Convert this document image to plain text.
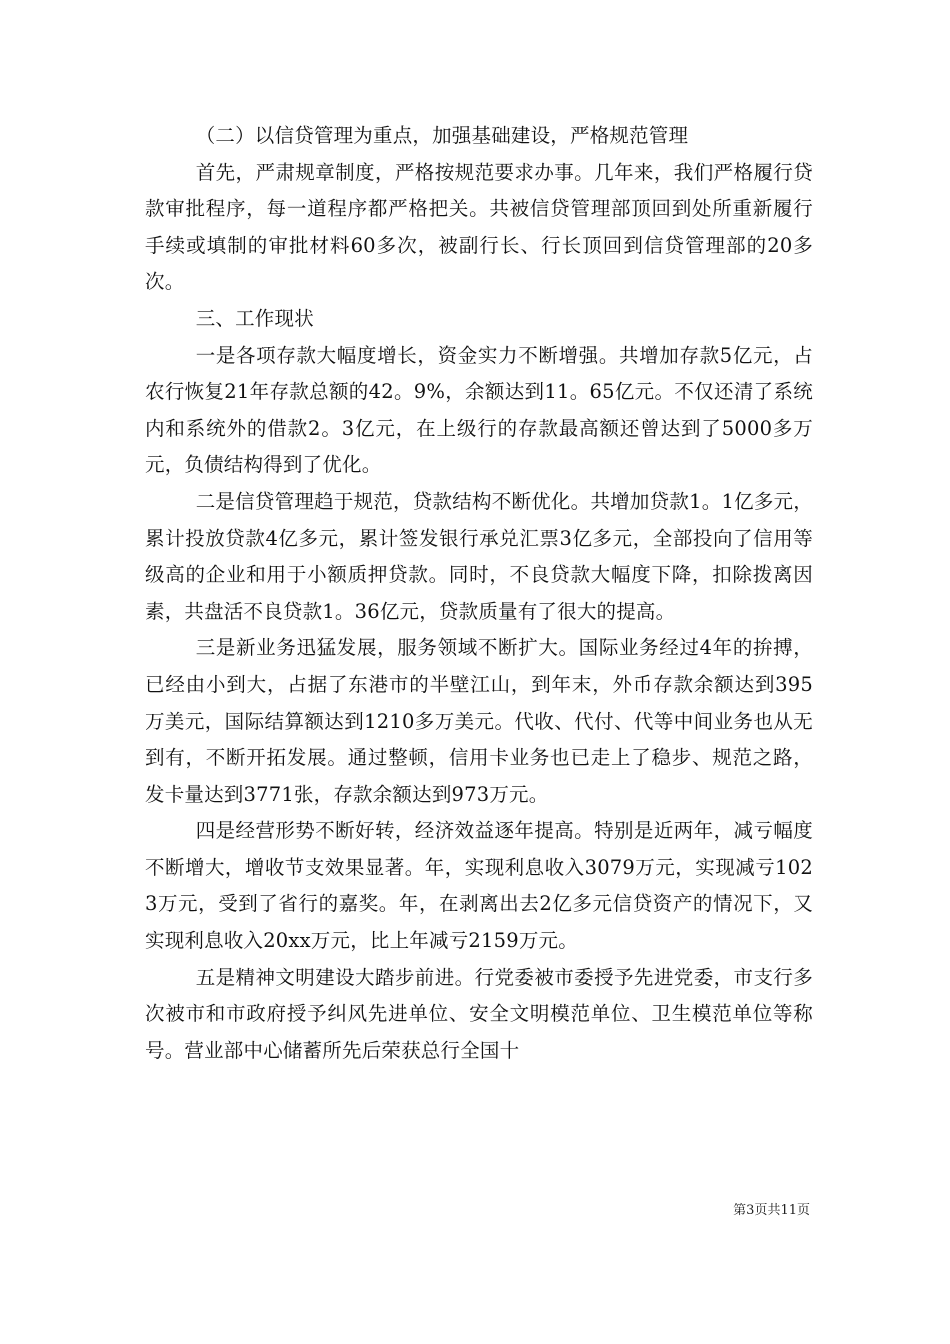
（二）以信贷管理为重点，加强基础建设，严格规范管理

首先，严肃规章制度，严格按规范要求办事。几年来，我们严格履行贷款审批程序，每一道程序都严格把关。共被信贷管理部顶回到处所重新履行手续或填制的审批材料60多次，被副行长、行长顶回到信贷管理部的20多次。

三、工作现状

一是各项存款大幅度增长，资金实力不断增强。共增加存款5亿元，占农行恢复21年存款总额的42。9%，余额达到11。65亿元。不仅还清了系统内和系统外的借款2。3亿元，在上级行的存款最高额还曾达到了5000多万元，负债结构得到了优化。

二是信贷管理趋于规范，贷款结构不断优化。共增加贷款1。1亿多元，累计投放贷款4亿多元，累计签发银行承兑汇票3亿多元，全部投向了信用等级高的企业和用于小额质押贷款。同时，不良贷款大幅度下降，扣除拨离因素，共盘活不良贷款1。36亿元，贷款质量有了很大的提高。

三是新业务迅猛发展，服务领域不断扩大。国际业务经过4年的拚搏，已经由小到大，占据了东港市的半壁江山，到年末，外币存款余额达到395万美元，国际结算额达到1210多万美元。代收、代付、代等中间业务也从无到有，不断开拓发展。通过整顿，信用卡业务也已走上了稳步、规范之路，发卡量达到3771张，存款余额达到973万元。

四是经营形势不断好转，经济效益逐年提高。特别是近两年，减亏幅度不断增大，增收节支效果显著。年，实现利息收入3079万元，实现减亏1023万元，受到了省行的嘉奖。年，在剥离出去2亿多元信贷资产的情况下，又实现利息收入20xx万元，比上年减亏2159万元。

五是精神文明建设大踏步前进。行党委被市委授予先进党委，市支行多次被市和市政府授予纠风先进单位、安全文明模范单位、卫生模范单位等称号。营业部中心储蓄所先后荣获总行全国十

第3页共11页
